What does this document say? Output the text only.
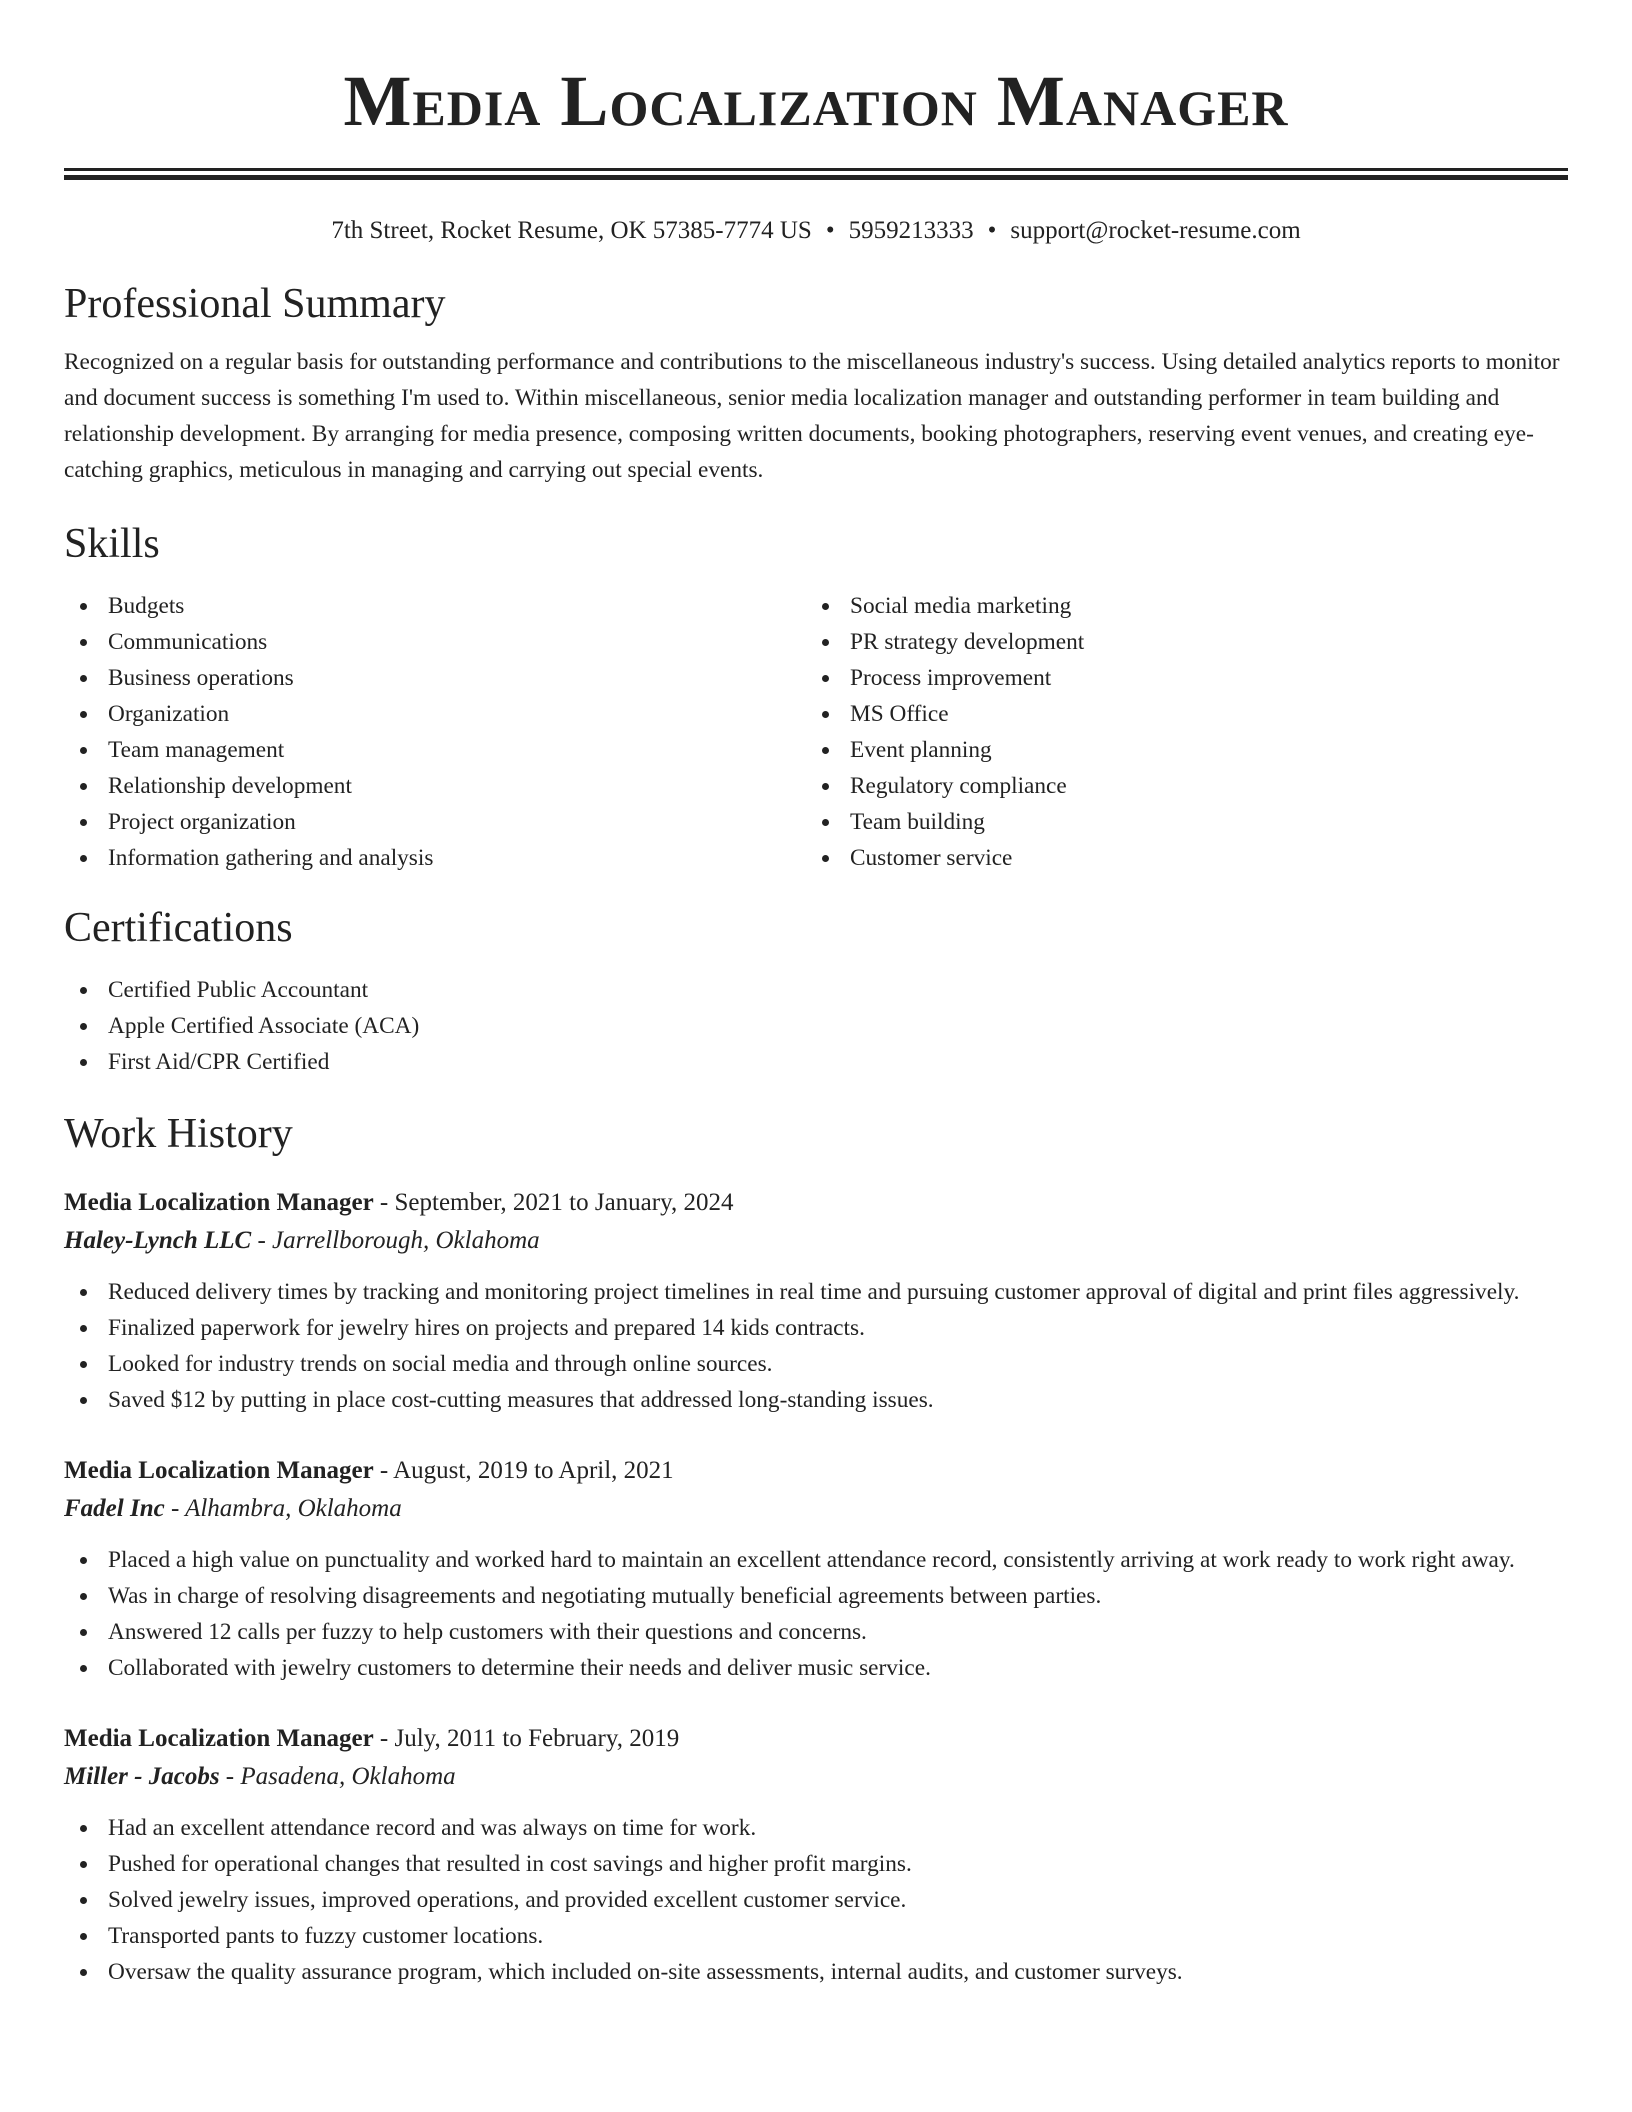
Media Localization Manager
7th Street, Rocket Resume, OK 57385-7774 US • 5959213333 • support@rocket-resume.com
Professional Summary

Recognized on a regular basis for outstanding performance and contributions to the miscellaneous industry's success. Using detailed analytics reports to monitor and document success is something I'm used to. Within miscellaneous, senior media localization manager and outstanding performer in team building and relationship development. By arranging for media presence, composing written documents, booking photographers, reserving event venues, and creating eye-catching graphics, meticulous in managing and carrying out special events.

Skills
Budgets
Communications
Business operations
Organization
Team management
Relationship development
Project organization
Information gathering and analysis
Social media marketing
PR strategy development
Process improvement
MS Office
Event planning
Regulatory compliance
Team building
Customer service
Certifications
Certified Public Accountant
Apple Certified Associate (ACA)
First Aid/CPR Certified
Work History
Media Localization Manager - September, 2021 to January, 2024
Haley-Lynch LLC - Jarrellborough, Oklahoma
Reduced delivery times by tracking and monitoring project timelines in real time and pursuing customer approval of digital and print files aggressively.
Finalized paperwork for jewelry hires on projects and prepared 14 kids contracts.
Looked for industry trends on social media and through online sources.
Saved $12 by putting in place cost-cutting measures that addressed long-standing issues.
Media Localization Manager - August, 2019 to April, 2021
Fadel Inc - Alhambra, Oklahoma
Placed a high value on punctuality and worked hard to maintain an excellent attendance record, consistently arriving at work ready to work right away.
Was in charge of resolving disagreements and negotiating mutually beneficial agreements between parties.
Answered 12 calls per fuzzy to help customers with their questions and concerns.
Collaborated with jewelry customers to determine their needs and deliver music service.
Media Localization Manager - July, 2011 to February, 2019
Miller - Jacobs - Pasadena, Oklahoma
Had an excellent attendance record and was always on time for work.
Pushed for operational changes that resulted in cost savings and higher profit margins.
Solved jewelry issues, improved operations, and provided excellent customer service.
Transported pants to fuzzy customer locations.
Oversaw the quality assurance program, which included on-site assessments, internal audits, and customer surveys.
